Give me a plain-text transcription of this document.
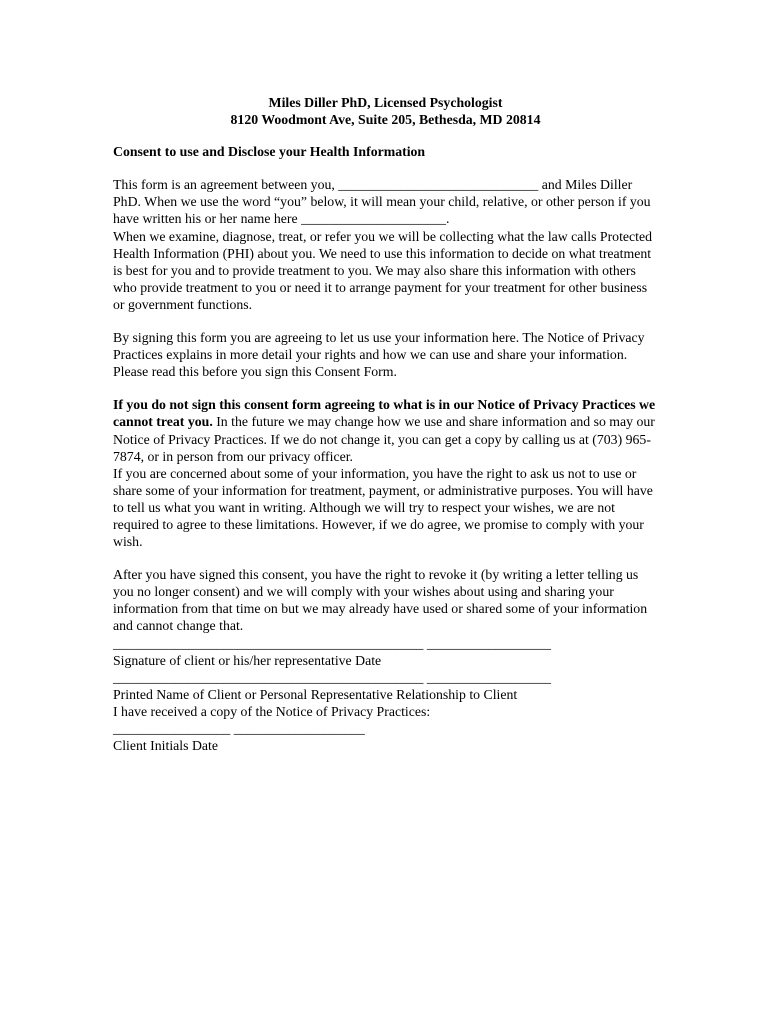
Miles Diller PhD, Licensed Psychologist
8120 Woodmont Ave, Suite 205, Bethesda, MD 20814
Consent to use and Disclose your Health Information

This form is an agreement between you, _____________________________ and Miles Diller PhD. When we use the word “you” below, it will mean your child, relative, or other person if you have written his or her name here _____________________.

When we examine, diagnose, treat, or refer you we will be collecting what the law calls Protected Health Information (PHI) about you. We need to use this information to decide on what treatment is best for you and to provide treatment to you. We may also share this information with others who provide treatment to you or need it to arrange payment for your treatment for other business or government functions.

By signing this form you are agreeing to let us use your information here. The Notice of Privacy Practices explains in more detail your rights and how we can use and share your information. Please read this before you sign this Consent Form.

If you do not sign this consent form agreeing to what is in our Notice of Privacy Practices we cannot treat you. In the future we may change how we use and share information and so may our Notice of Privacy Practices. If we do not change it, you can get a copy by calling us at (703) 965-7874, or in person from our privacy officer.

If you are concerned about some of your information, you have the right to ask us not to use or share some of your information for treatment, payment, or administrative purposes. You will have to tell us what you want in writing. Although we will try to respect your wishes, we are not required to agree to these limitations. However, if we do agree, we promise to comply with your wish.

After you have signed this consent, you have the right to revoke it (by writing a letter telling us you no longer consent) and we will comply with your wishes about using and sharing your information from that time on but we may already have used or shared some of your information and cannot change that.

_____________________________________________ __________________
Signature of client or his/her representative Date
_____________________________________________ __________________
Printed Name of Client or Personal Representative Relationship to Client
I have received a copy of the Notice of Privacy Practices:
_________________ ___________________
Client Initials Date
